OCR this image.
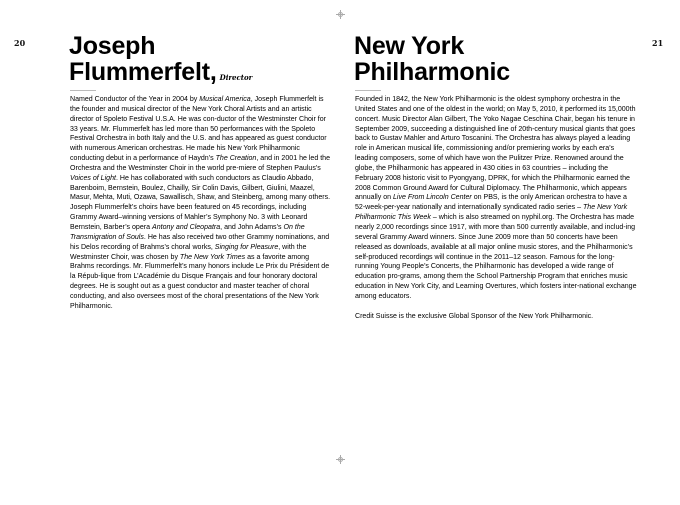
20 Joseph
Flummerfelt, Director

Named Conductor of the Year in 2004 by Musical America, Joseph Flummerfelt is the founder and musical director of the New York Choral Artists and an artistic director of Spoleto Festival U.S.A. He was con-ductor of the Westminster Choir for 33 years. Mr. Flummerfelt has led more than 50 performances with the Spoleto Festival Orchestra in both Italy and the U.S. and has appeared as guest conductor with numerous American orchestras. He made his New York Philharmonic conducting debut in a performance of Haydn’s The Creation, and in 2001 he led the Orchestra and the Westminster Choir in the world pre-miere of Stephen Paulus’s Voices of Light. He has collaborated with such conductors as Claudio Abbado, Barenboim, Bernstein, Boulez, Chailly, Sir Colin Davis, Gilbert, Giulini, Maazel, Masur, Mehta, Muti, Ozawa, Sawallisch, Shaw, and Steinberg, among many others. Joseph Flummerfelt’s choirs have been featured on 45 recordings, including Grammy Award–winning versions of Mahler’s Symphony No. 3 with Leonard Bernstein, Barber’s opera Antony and Cleopatra, and John Adams’s On the Transmigration of Souls. He has also received two other Grammy nominations, and his Delos recording of Brahms’s choral works, Singing for Pleasure, with the Westminster Choir, was chosen by The New York Times as a favorite among Brahms recordings. Mr. Flummerfelt’s many honors include Le Prix du Président de la Répub-lique from L’Académie du Disque Français and four honorary doctoral degrees. He is sought out as a guest conductor and master teacher of choral conducting, and also oversees most of the choral presentations of the New York Philharmonic.

21
New York
Philharmonic

Founded in 1842, the New York Philharmonic is the oldest symphony orchestra in the United States and one of the oldest in the world; on May 5, 2010, it performed its 15,000th concert. Music Director Alan Gilbert, The Yoko Nagae Ceschina Chair, began his tenure in September 2009, succeeding a distinguished line of 20th-century musical giants that goes back to Gustav Mahler and Arturo Toscanini. The Orchestra has always played a leading role in American musical life, commissioning and/or premiering works by each era’s leading composers, some of which have won the Pulitzer Prize. Renowned around the globe, the Philharmonic has appeared in 430 cities in 63 countries – including the February 2008 historic visit to Pyongyang, DPRK, for which the Philharmonic earned the 2008 Common Ground Award for Cultural Diplomacy. The Philharmonic, which appears annually on Live From Lincoln Center on PBS, is the only American orchestra to have a 52-week-per-year nationally and internationally syndicated radio series – The New York Philharmonic This Week – which is also streamed on nyphil.org. The Orchestra has made nearly 2,000 recordings since 1917, with more than 500 currently available, and includ-ing several Grammy Award winners. Since June 2009 more than 50 concerts have been released as downloads, available at all major online music stores, and the Philharmonic’s self-produced recordings will continue in the 2011–12 season. Famous for the long-running Young People’s Concerts, the Philharmonic has developed a wide range of education pro-grams, among them the School Partnership Program that enriches music education in New York City, and Learning Overtures, which fosters inter-national exchange among educators.

Credit Suisse is the exclusive Global Sponsor of the New York Philharmonic.
